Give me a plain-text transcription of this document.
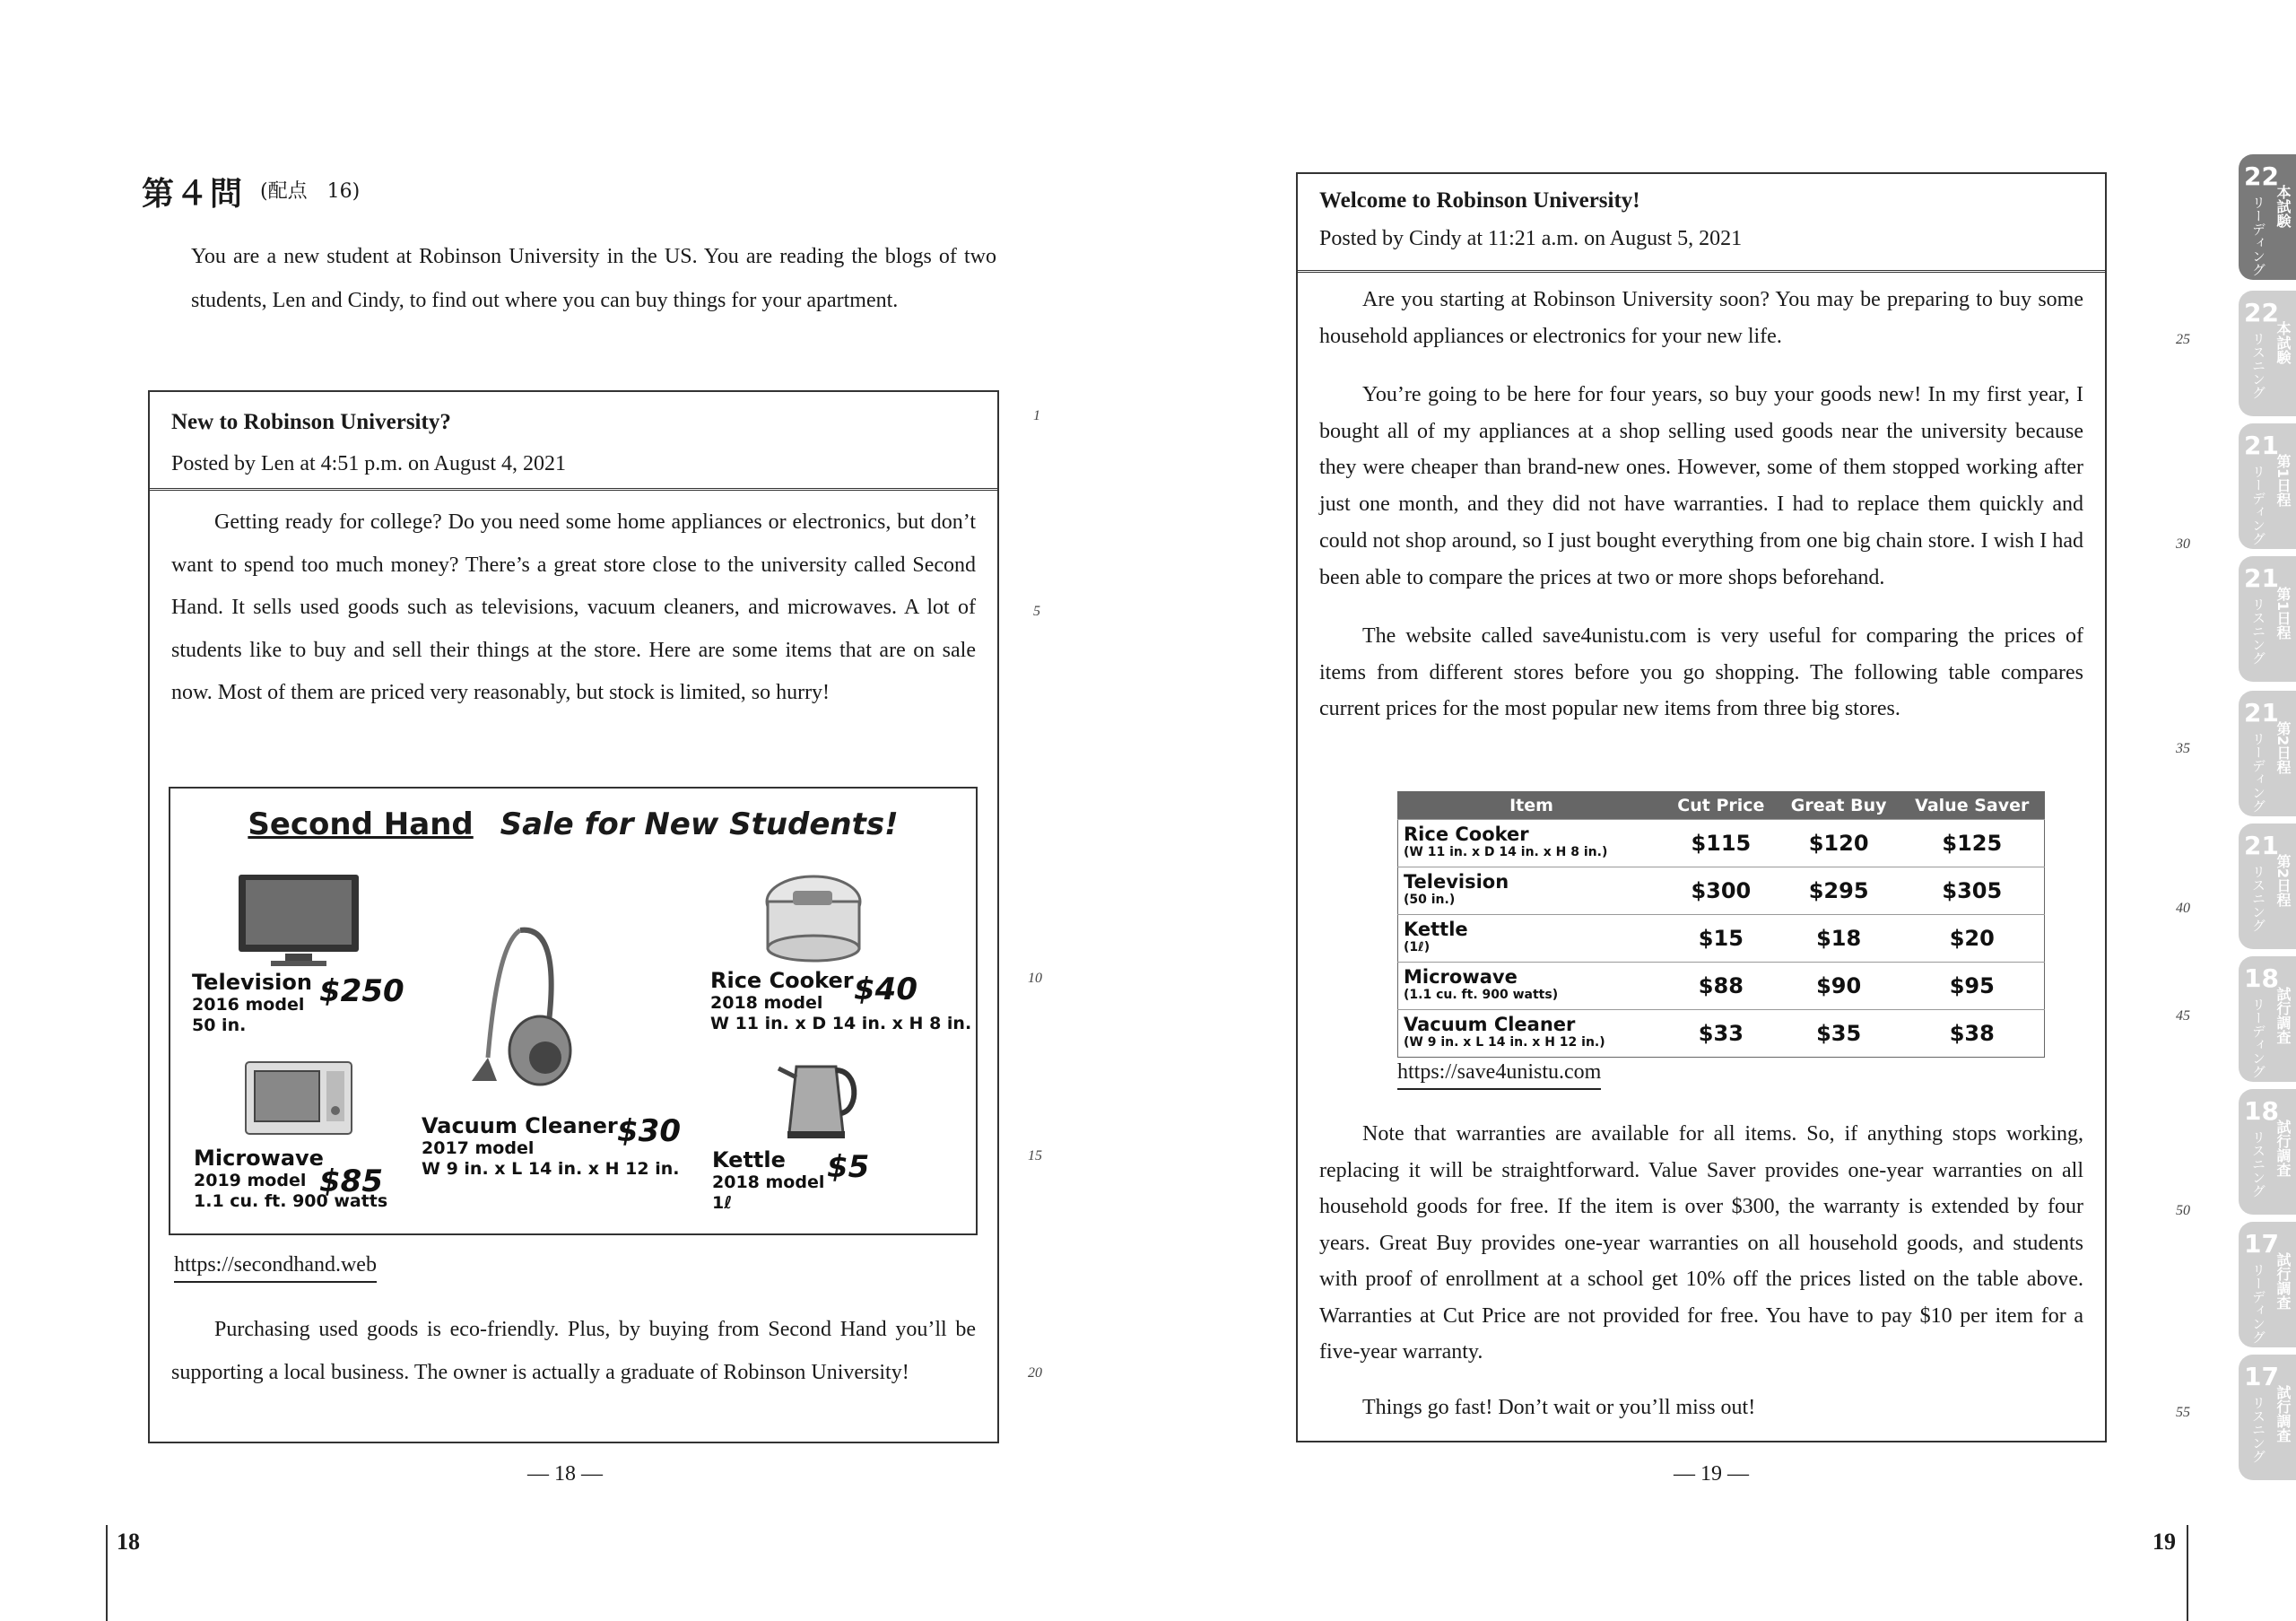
第４問 (配点　16)

You are a new student at Robinson University in the US. You are reading the blogs of two students, Len and Cindy, to find out where you can buy things for your apartment.

New to Robinson University?
Posted by Len at 4:51 p.m. on August 4, 2021

Getting ready for college? Do you need some home appliances or electronics, but don’t want to spend too much money? There’s a great store close to the university called Second Hand. It sells used goods such as televisions, vacuum cleaners, and microwaves. A lot of students like to buy and sell their things at the store. Here are some items that are on sale now. Most of them are priced very reasonably, but stock is limited, so hurry!

Second Hand Sale for New Students!
Television
2016 model
50 in.
$250
Microwave
2019 model
1.1 cu. ft. 900 watts
$85
Vacuum Cleaner
2017 model
W 9 in. x L 14 in. x H 12 in.
$30
Rice Cooker
2018 model
W 11 in. x D 14 in. x H 8 in.
$40
Kettle
2018 model
1ℓ
$5
https://secondhand.web

Purchasing used goods is eco-friendly. Plus, by buying from Second Hand you’ll be supporting a local business. The owner is actually a graduate of Robinson University!

1
5
10
15
20
— 18 —
18
Welcome to Robinson University!
Posted by Cindy at 11:21 a.m. on August 5, 2021

Are you starting at Robinson University soon? You may be preparing to buy some household appliances or electronics for your new life.

You’re going to be here for four years, so buy your goods new! In my first year, I bought all of my appliances at a shop selling used goods near the university because they were cheaper than brand-new ones. However, some of them stopped working after just one month, and they did not have warranties. I had to replace them quickly and could not shop around, so I just bought everything from one big chain store. I wish I had been able to compare the prices at two or more shops beforehand.

The website called save4unistu.com is very useful for comparing the prices of items from different stores before you go shopping. The following table compares current prices for the most popular new items from three big stores.

Item	Cut Price	Great Buy	Value Saver

Rice Cooker
(W 11 in. x D 14 in. x H 8 in.)	$115	$120	$125

Television
(50 in.)	$300	$295	$305

Kettle
(1ℓ)	$15	$18	$20

Microwave
(1.1 cu. ft. 900 watts)	$88	$90	$95

Vacuum Cleaner
(W 9 in. x L 14 in. x H 12 in.)	$33	$35	$38
https://save4unistu.com

Note that warranties are available for all items. So, if anything stops working, replacing it will be straightforward. Value Saver provides one-year warranties on all household goods for free. If the item is over $300, the warranty is extended by four years. Great Buy provides one-year warranties on all household goods, and students with proof of enrollment at a school get 10% off the prices listed on the table above. Warranties at Cut Price are not provided for free. You have to pay $10 per item for a five-year warranty.

Things go fast! Don’t wait or you’ll miss out!

25
30
35
40
45
50
55
— 19 —
19
22
リーディング 本試験
22
リスニング 本試験
21
リーディング 第1日程
21
リスニング 第1日程
21
リーディング 第2日程
21
リスニング 第2日程
18
リーディング 試行調査
18
リスニング 試行調査
17
リーディング 試行調査
17
リスニング 試行調査
